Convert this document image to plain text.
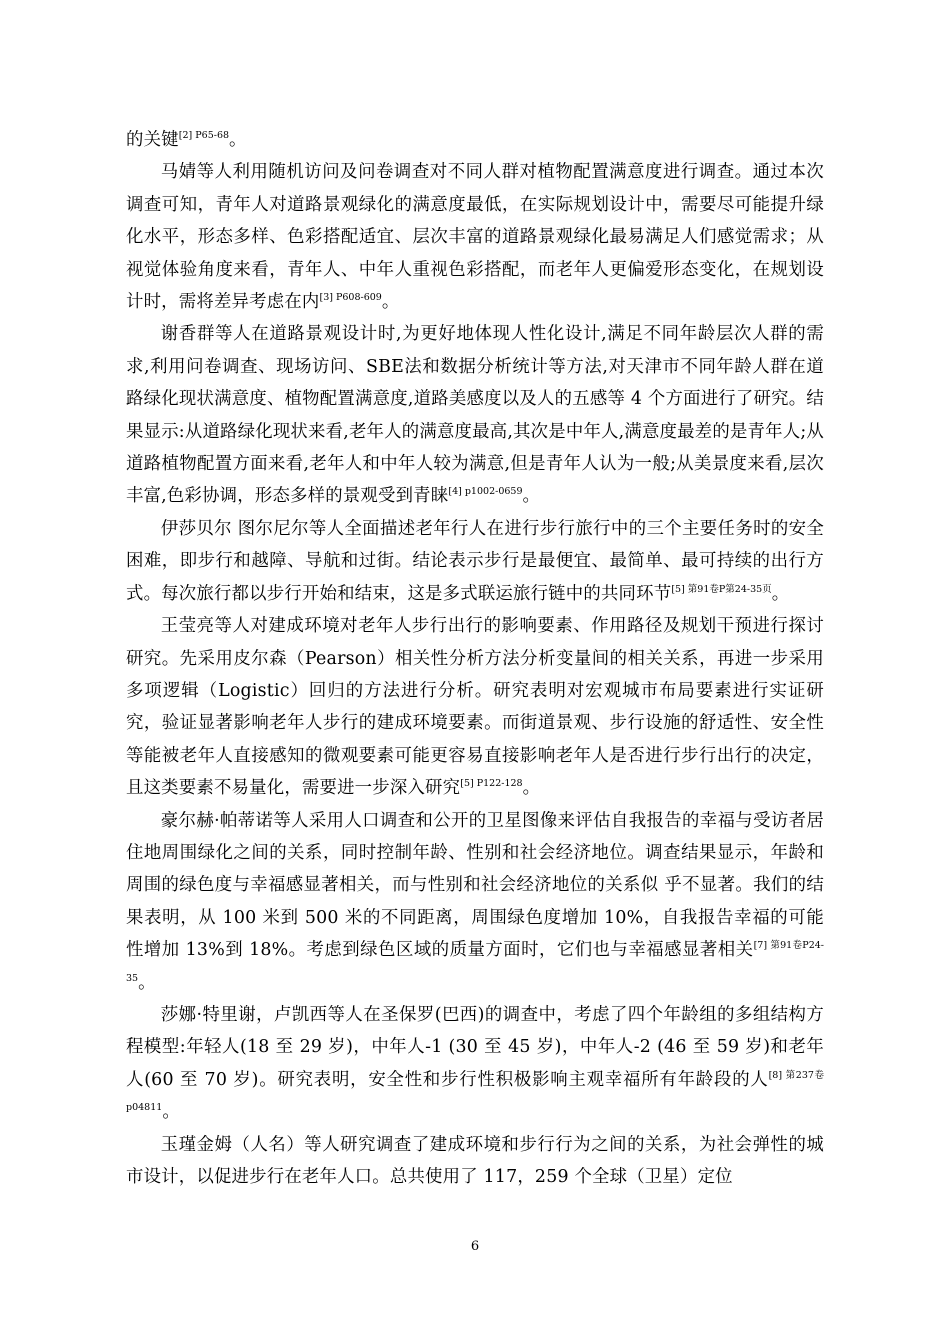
的关键$^{[2] P65-68}$。

马婧等人利用随机访问及问卷调查对不同人群对植物配置满意度进行调查。通过本次调查可知，青年人对道路景观绿化的满意度最低，在实际规划设计中，需要尽可能提升绿化水平，形态多样、色彩搭配适宜、层次丰富的道路景观绿化最易满足人们感觉需求；从视觉体验角度来看，青年人、中年人重视色彩搭配，而老年人更偏爱形态变化，在规划设计时，需将差异考虑在内$^{[3] P608-609}$。

谢香群等人在道路景观设计时,为更好地体现人性化设计,满足不同年龄层次人群的需求,利用问卷调查、现场访问、SBE法和数据分析统计等方法,对天津市不同年龄人群在道路绿化现状满意度、植物配置满意度,道路美感度以及人的五感等 4 个方面进行了研究。结果显示:从道路绿化现状来看,老年人的满意度最高,其次是中年人,满意度最差的是青年人;从道路植物配置方面来看,老年人和中年人较为满意,但是青年人认为一般;从美景度来看,层次丰富,色彩协调，形态多样的景观受到青睐$^{[4] p1002-0659}$。

伊莎贝尔 图尔尼尔等人全面描述老年行人在进行步行旅行中的三个主要任务时的安全困难，即步行和越障、导航和过街。结论表示步行是最便宜、最简单、最可持续的出行方式。每次旅行都以步行开始和结束，这是多式联运旅行链中的共同环节$^{[5] 第91卷P第24-35页}$。

王莹亮等人对建成环境对老年人步行出行的影响要素、作用路径及规划干预进行探讨研究。先采用皮尔森（Pearson）相关性分析方法分析变量间的相关关系，再进一步采用多项逻辑（Logistic）回归的方法进行分析。研究表明对宏观城市布局要素进行实证研究，验证显著影响老年人步行的建成环境要素。而街道景观、步行设施的舒适性、安全性等能被老年人直接感知的微观要素可能更容易直接影响老年人是否进行步行出行的决定，且这类要素不易量化，需要进一步深入研究$^{[5] P122-128}$。

豪尔赫·帕蒂诺等人采用人口调查和公开的卫星图像来评估自我报告的幸福与受访者居住地周围绿化之间的关系，同时控制年龄、性别和社会经济地位。调查结果显示，年龄和周围的绿色度与幸福感显著相关，而与性别和社会经济地位的关系似 乎不显著。我们的结果表明，从 100 米到 500 米的不同距离，周围绿色度增加 10%，自我报告幸福的可能性增加 13%到 18%。考虑到绿色区域的质量方面时，它们也与幸福感显著相关$^{[7] 第91卷P24-35}$。

莎娜·特里谢，卢凯西等人在圣保罗(巴西)的调查中，考虑了四个年龄组的多组结构方程模型:年轻人(18 至 29 岁)，中年人-1 (30 至 45 岁)，中年人-2 (46 至 59 岁)和老年人(60 至 70 岁)。研究表明，安全性和步行性积极影响主观幸福所有年龄段的人$^{[8] 第237卷p04811}$。

玉瑾金姆（人名）等人研究调查了建成环境和步行行为之间的关系，为社会弹性的城市设计，以促进步行在老年人口。总共使用了 117，259 个全球（卫星）定位

6
